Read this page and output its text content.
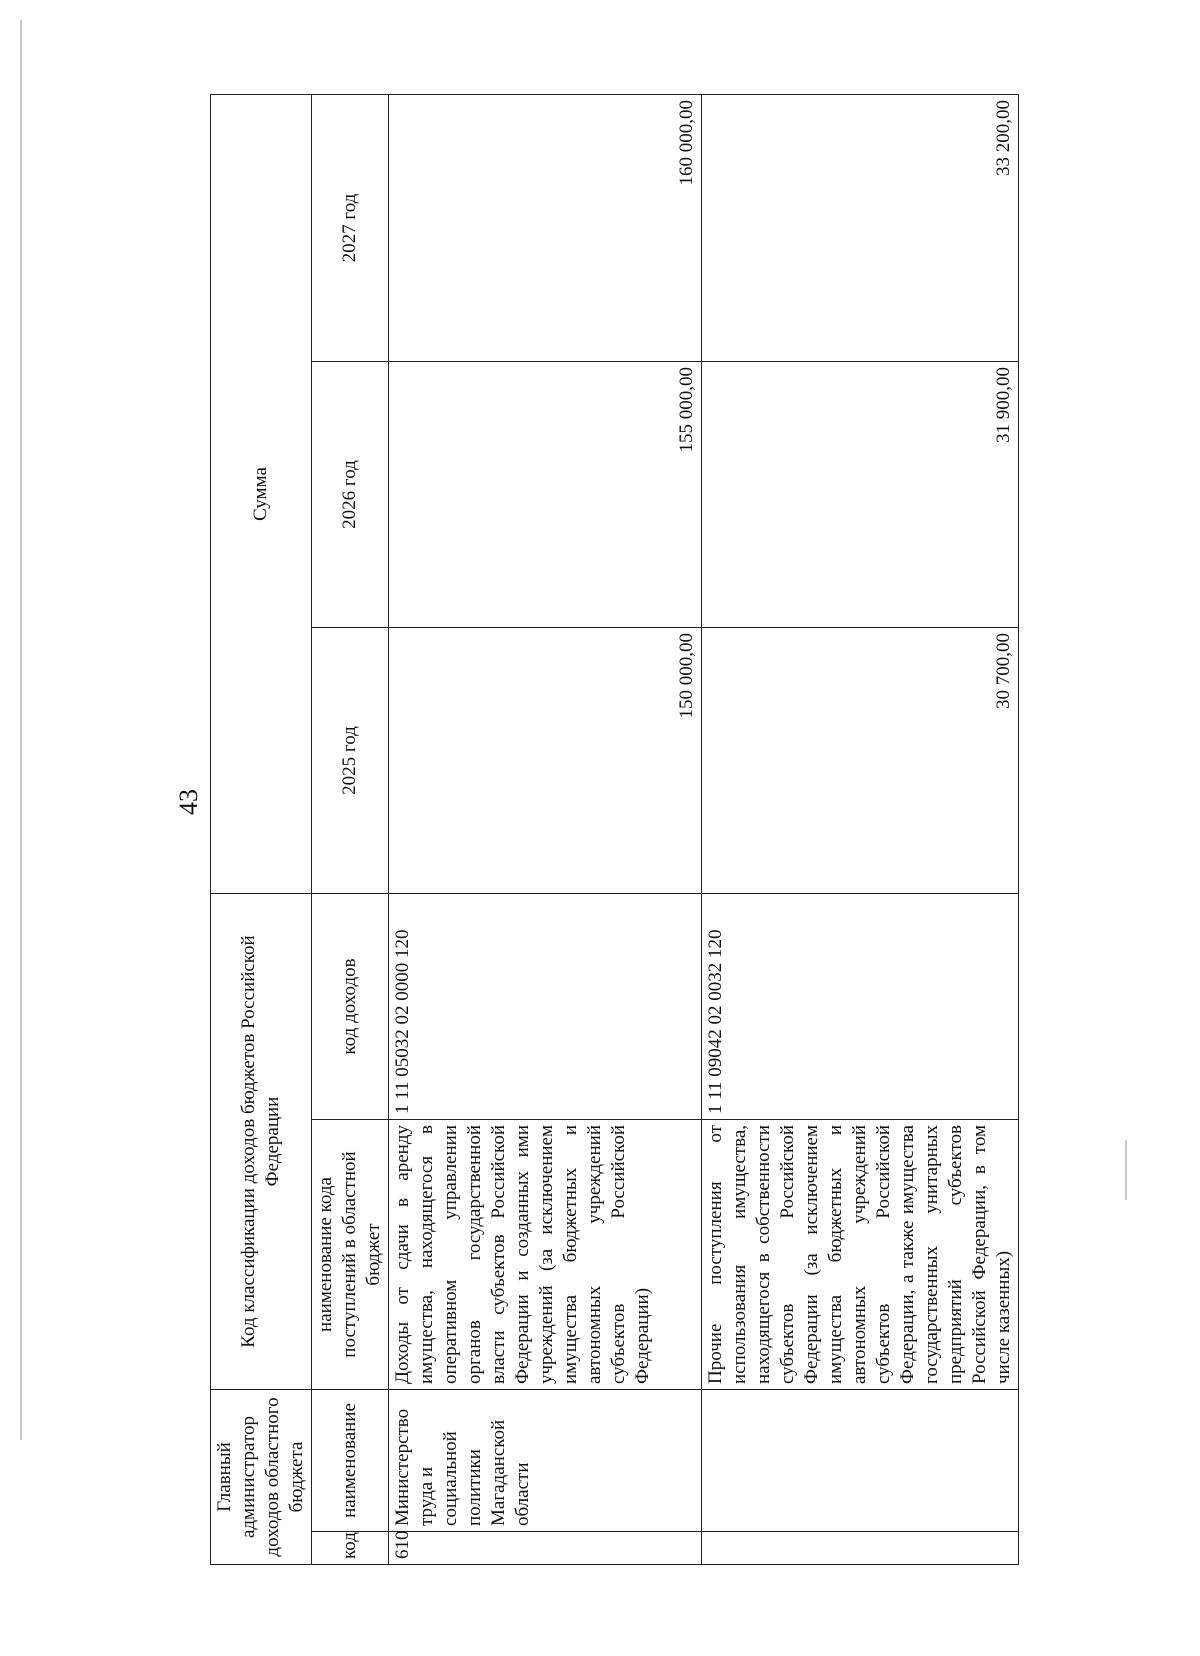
43
Главный администратор доходов областного бюджета		Код классификации доходов бюджетов Российской Федерации		Сумма		
код	наименование	наименование кода поступлений в областной бюджет	код доходов	2025 год	2026 год	2027 год
610	Министерство труда и социальной политики Магаданской области	Доходы от сдачи в аренду имущества, находящегося в оперативном управлении органов государственной власти субъектов Российской Федерации и созданных ими учреждений (за исключением имущества бюджетных и автономных учреждений субъектов Российской Федерации)	1 11 05032 02 0000 120	150 000,00	155 000,00	160 000,00
		Прочие поступления от использования имущества, находящегося в собственности субъектов Российской Федерации (за исключением имущества бюджетных и автономных учреждений субъектов Российской Федерации, а также имущества государственных унитарных предприятий субъектов Российской Федерации, в том числе казенных)	1 11 09042 02 0032 120	30 700,00	31 900,00	33 200,00
